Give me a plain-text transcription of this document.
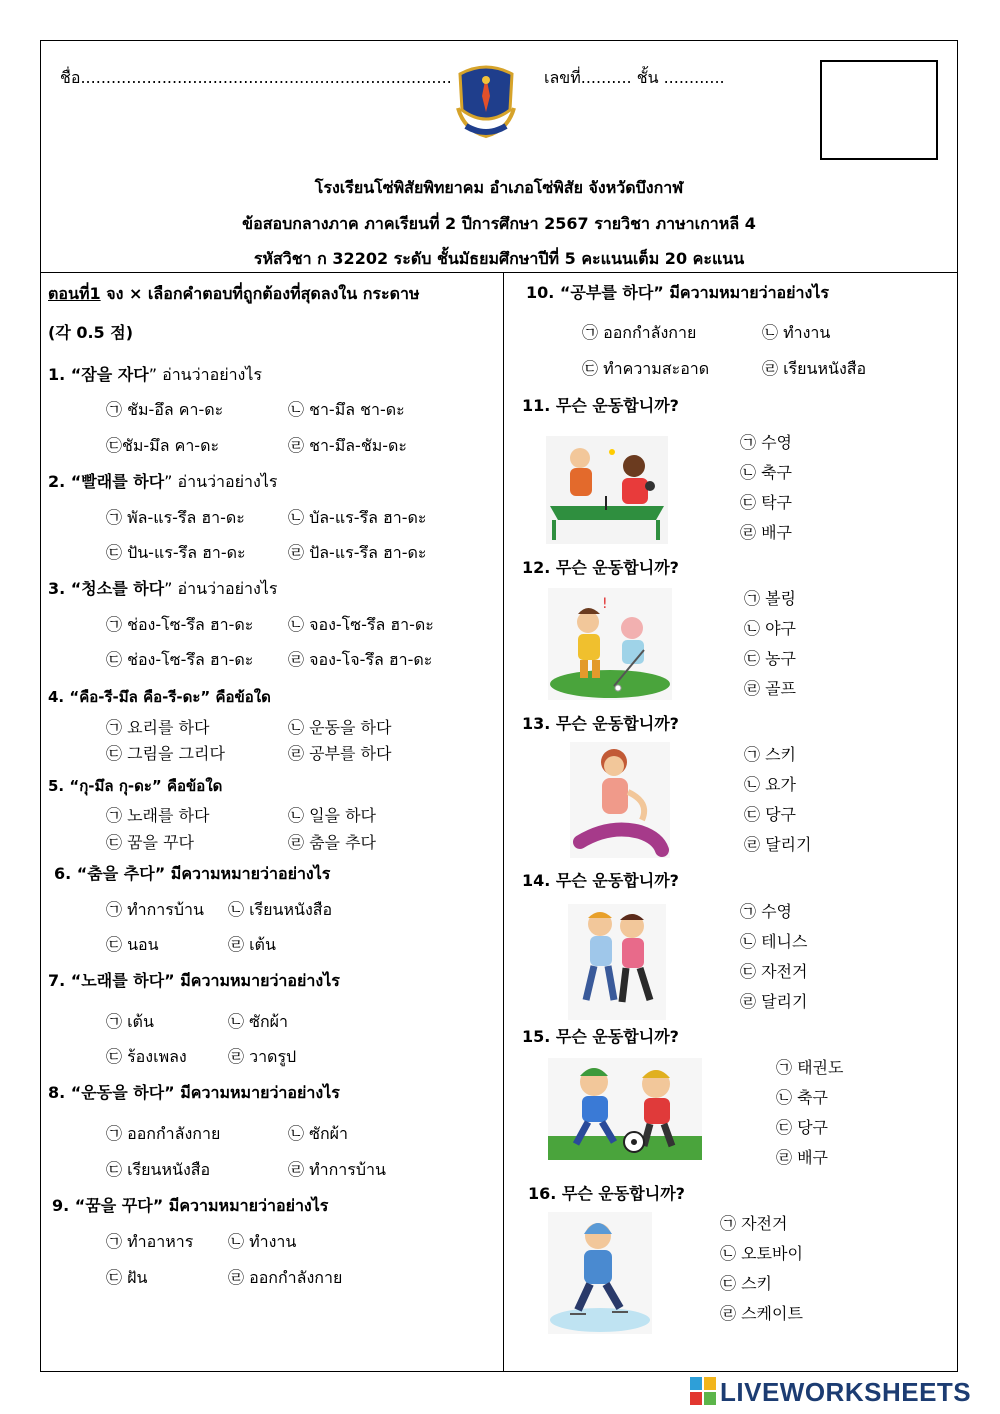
ชื่อ.........................................................................	เลขที่.......... ชั้น ............
โรงเรียนโซ่พิสัยพิทยาคม อำเภอโซ่พิสัย จังหวัดบึงกาฬ
ข้อสอบกลางภาค ภาคเรียนที่ 2 ปีการศึกษา 2567 รายวิชา ภาษาเกาหลี 4
รหัสวิชา ก 32202 ระดับ ชั้นมัธยมศึกษาปีที่ 5 คะแนนเต็ม 20 คะแนน
ตอนที่1 จง × เลือกคำตอบที่ถูกต้องที่สุดลงใน กระดาษ
(각 0.5 점)
1. “잠을 자다” อ่านว่าอย่างไร
㉠ ชัม-อึล คา-ดะ	㉡ ชา-มึล ชา-ดะ
㉢ชัม-มึล คา-ดะ	㉣ ชา-มึล-ชัม-ดะ
2. “빨래를 하다” อ่านว่าอย่างไร
㉠ พัล-แร-รึล ฮา-ดะ	㉡ บัล-แร-รึล ฮา-ดะ
㉢ ปัน-แร-รึล ฮา-ดะ	㉣ ปัล-แร-รึล ฮา-ดะ
3. “청소를 하다” อ่านว่าอย่างไร
㉠ ช่อง-โซ-รึล ฮา-ดะ ㉡ จอง-โซ-รึล ฮา-ดะ
㉢ ช่อง-โซ-รึล ฮา-ดะ ㉣ จอง-โจ-รึล ฮา-ดะ
4. “คือ-รี-มึล คือ-รี-ดะ” คือข้อใด
㉠ 요리를 하다	㉡ 운동을 하다
㉢ 그림을 그리다	㉣ 공부를 하다
5. “กุ-มึล กุ-ดะ” คือข้อใด
㉠ 노래를 하다	㉡ 일을 하다
㉢ 꿈을 꾸다	㉣ 춤을 추다
6. “춤을 추다” มีความหมายว่าอย่างไร
㉠ ทำการบ้าน ㉡ เรียนหนังสือ
㉢ นอน	㉣ เต้น
7. “노래를 하다” มีความหมายว่าอย่างไร
㉠ เต้น	㉡ ซักผ้า
㉢ ร้องเพลง	㉣ วาดรูป
8. “운동을 하다” มีความหมายว่าอย่างไร
㉠ ออกกำลังกาย	㉡ ซักผ้า
㉢ เรียนหนังสือ	㉣ ทำการบ้าน
9. “꿈을 꾸다” มีความหมายว่าอย่างไร
㉠ ทำอาหาร ㉡ ทำงาน
㉢ ฝัน	㉣ ออกกำลังกาย
10. “공부를 하다” มีความหมายว่าอย่างไร
㉠ ออกกำลังกาย	㉡ ทำงาน
㉢ ทำความสะอาด	㉣ เรียนหนังสือ
11. 무슨 운동합니까?
㉠ 수영
㉡ 축구
㉢ 탁구
㉣ 배구
12. 무슨 운동합니까?
!	㉠ 볼링
㉡ 야구
㉢ 농구
㉣ 골프
13. 무슨 운동합니까?
㉠ 스키
㉡ 요가
㉢ 당구
㉣ 달리기
14. 무슨 운동합니까?
㉠ 수영
㉡ 테니스
㉢ 자전거
㉣ 달리기
15. 무슨 운동합니까?
㉠ 태권도
㉡ 축구
㉢ 당구
㉣ 배구
16. 무슨 운동합니까?
㉠ 자전거
㉡ 오토바이
㉢ 스키
㉣ 스케이트
LIVEWORKSHEETS
